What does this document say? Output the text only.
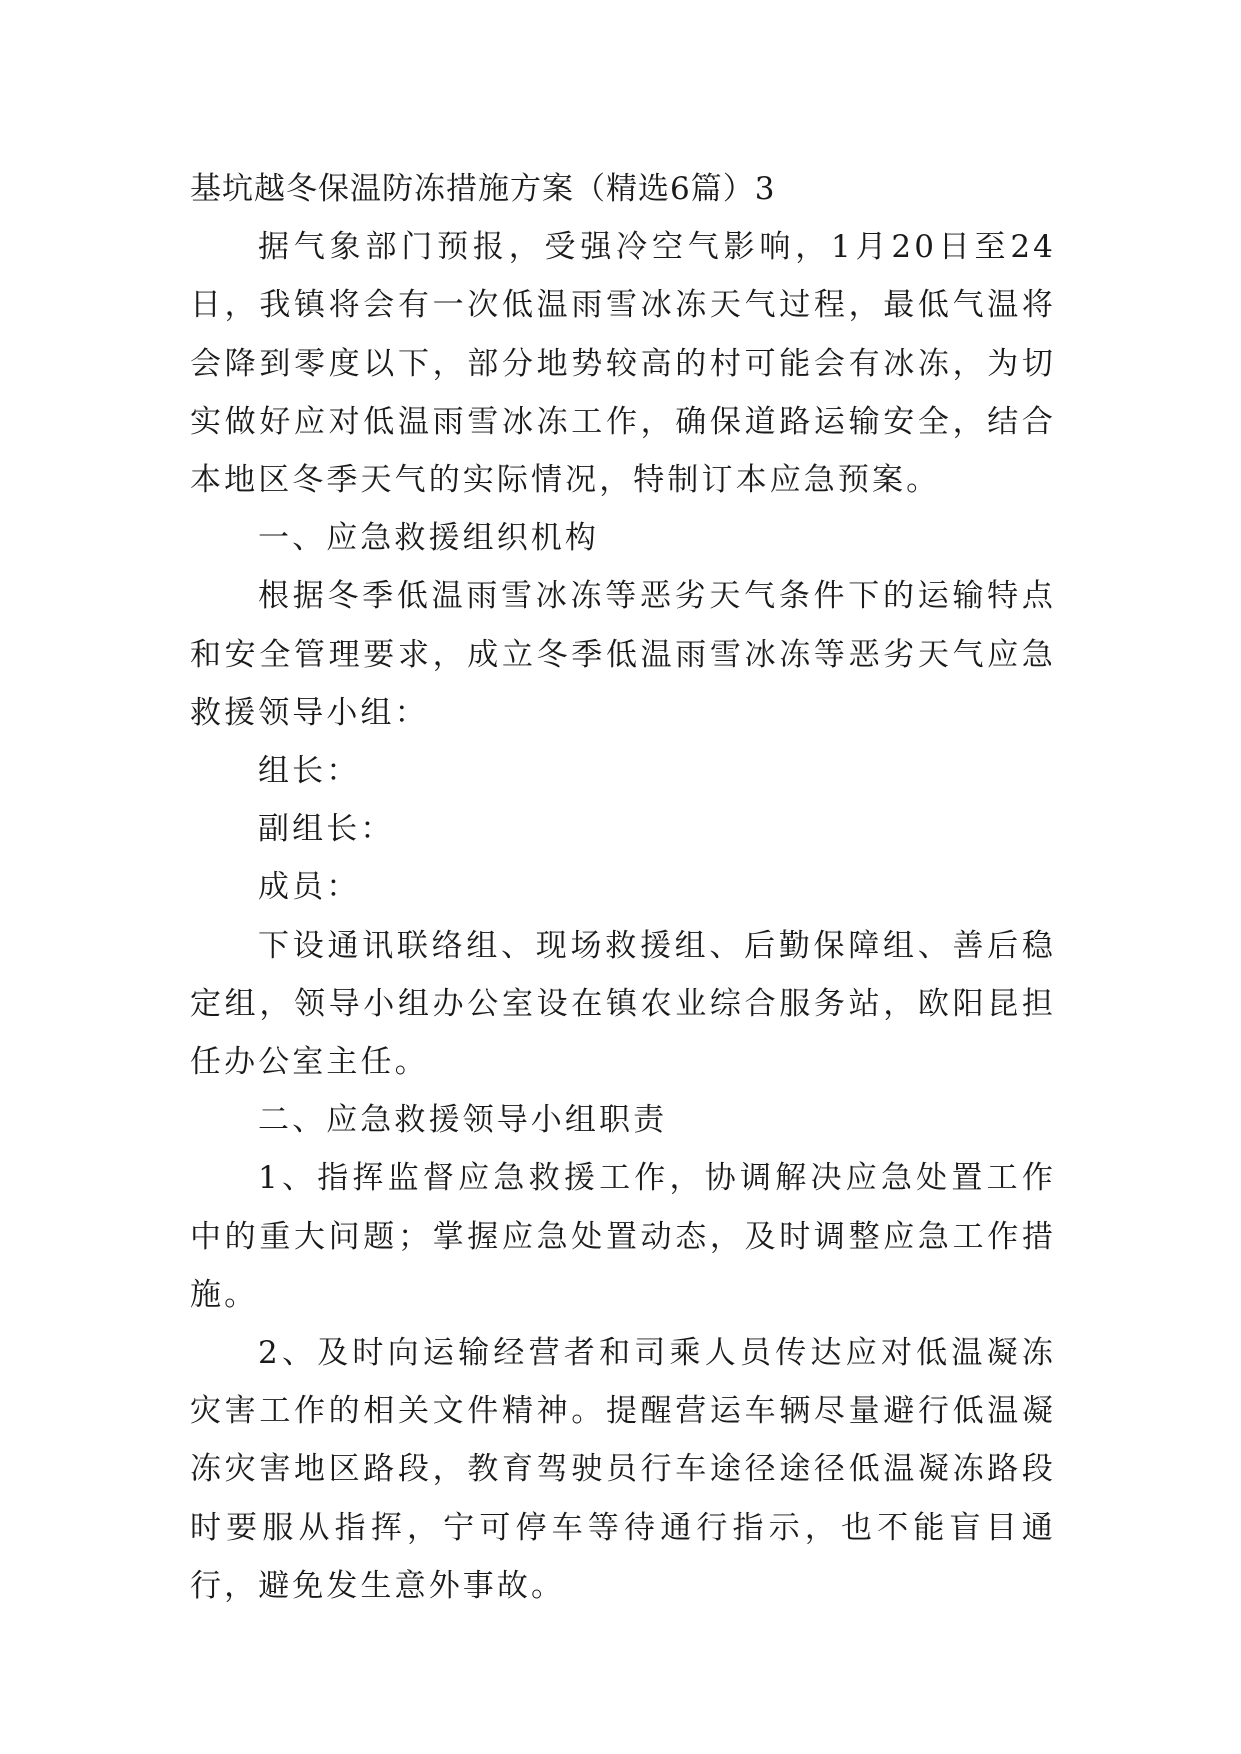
基坑越冬保温防冻措施方案（精选6篇）3

据气象部门预报，受强冷空气影响，1月20日至24日，我镇将会有一次低温雨雪冰冻天气过程，最低气温将会降到零度以下，部分地势较高的村可能会有冰冻，为切实做好应对低温雨雪冰冻工作，确保道路运输安全，结合本地区冬季天气的实际情况，特制订本应急预案。

一、应急救援组织机构

根据冬季低温雨雪冰冻等恶劣天气条件下的运输特点和安全管理要求，成立冬季低温雨雪冰冻等恶劣天气应急救援领导小组：

组长：

副组长：

成员：

下设通讯联络组、现场救援组、后勤保障组、善后稳定组，领导小组办公室设在镇农业综合服务站，欧阳昆担任办公室主任。

二、应急救援领导小组职责

1、指挥监督应急救援工作，协调解决应急处置工作中的重大问题；掌握应急处置动态，及时调整应急工作措施。

2、及时向运输经营者和司乘人员传达应对低温凝冻灾害工作的相关文件精神。提醒营运车辆尽量避行低温凝冻灾害地区路段，教育驾驶员行车途径途径低温凝冻路段时要服从指挥，宁可停车等待通行指示，也不能盲目通行，避免发生意外事故。
